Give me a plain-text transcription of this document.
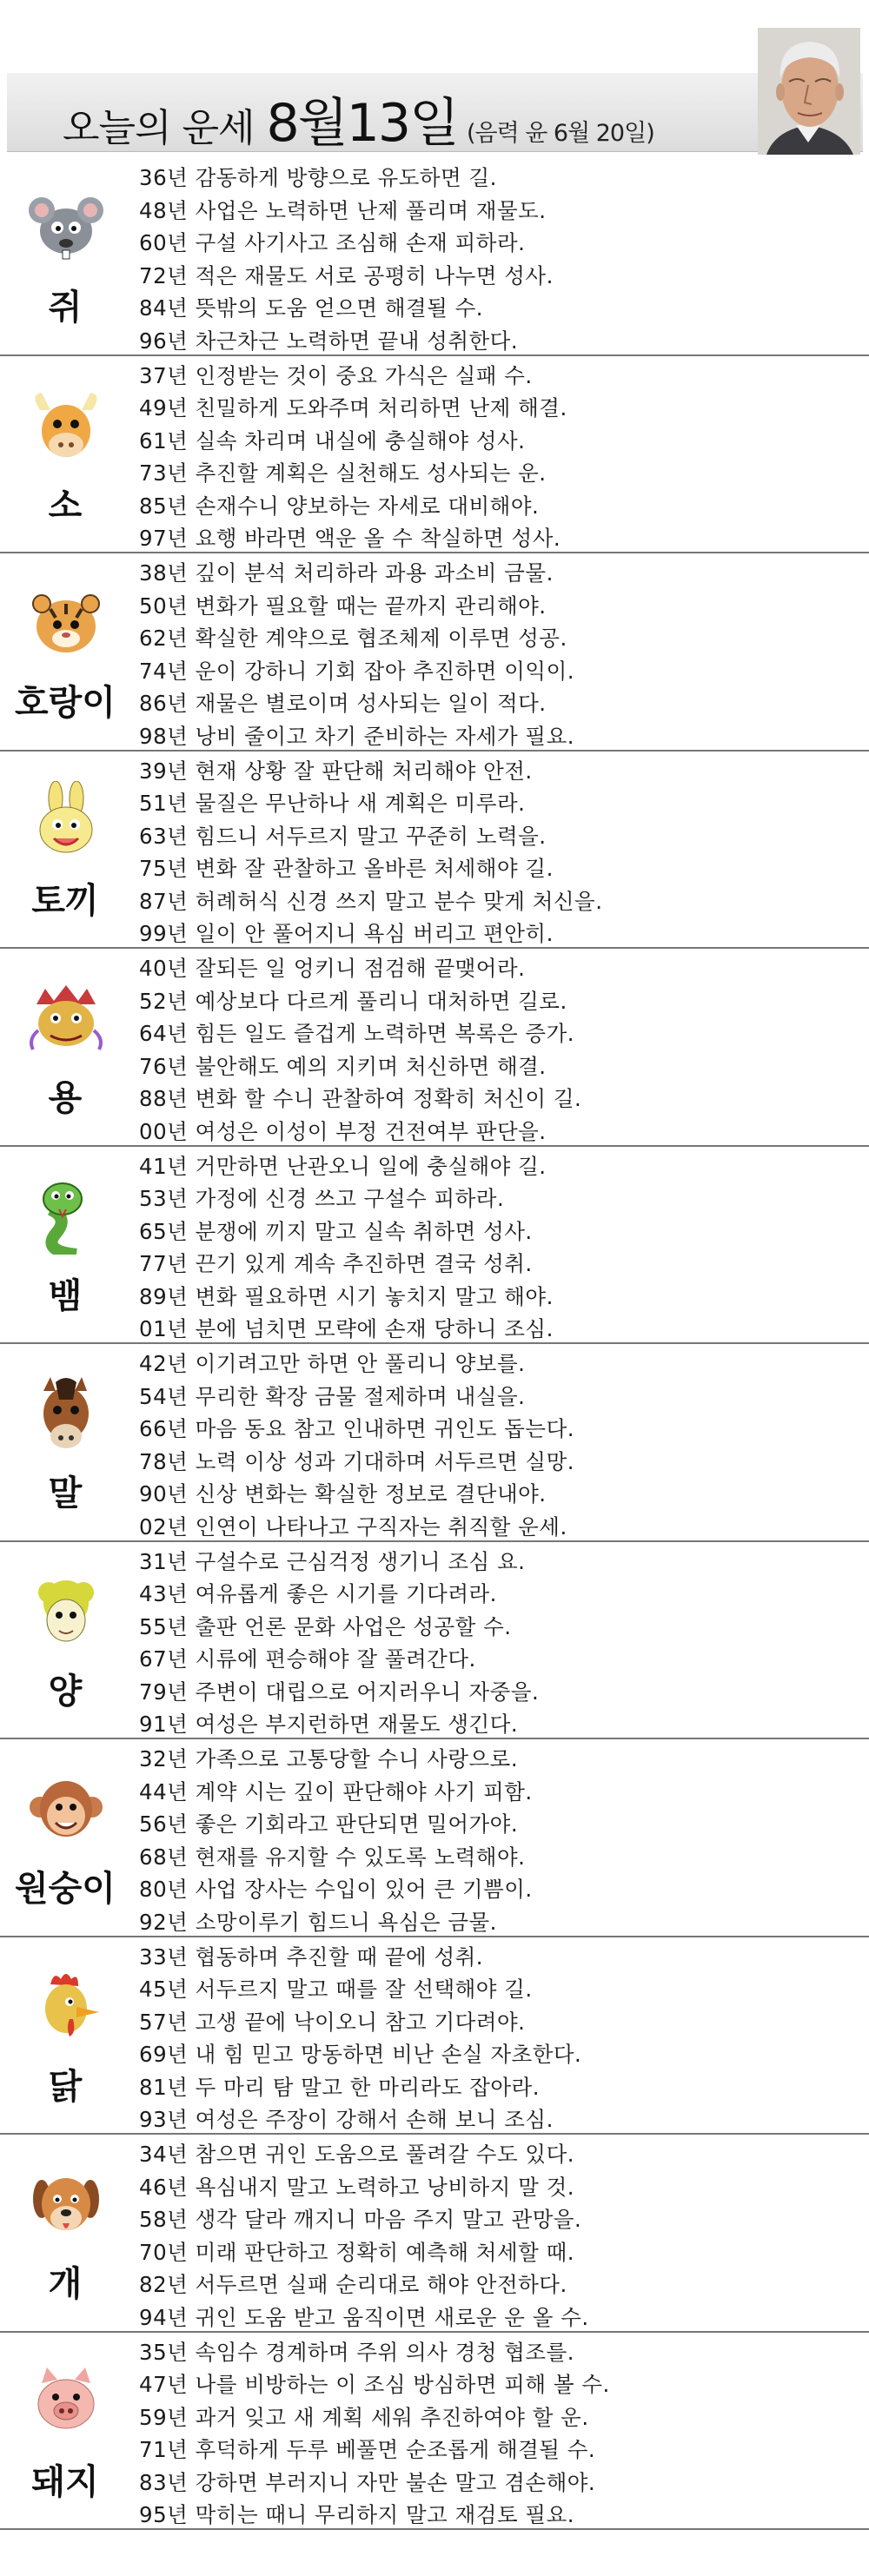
오늘의 운세 8월13일 (음력 윤 6월 20일)
쥐
36년 감동하게 방향으로 유도하면 길.
48년 사업은 노력하면 난제 풀리며 재물도.
60년 구설 사기사고 조심해 손재 피하라.
72년 적은 재물도 서로 공평히 나누면 성사.
84년 뜻밖의 도움 얻으면 해결될 수.
96년 차근차근 노력하면 끝내 성취한다.
소
37년 인정받는 것이 중요 가식은 실패 수.
49년 친밀하게 도와주며 처리하면 난제 해결.
61년 실속 차리며 내실에 충실해야 성사.
73년 추진할 계획은 실천해도 성사되는 운.
85년 손재수니 양보하는 자세로 대비해야.
97년 요행 바라면 액운 올 수 착실하면 성사.
호랑이
38년 깊이 분석 처리하라 과용 과소비 금물.
50년 변화가 필요할 때는 끝까지 관리해야.
62년 확실한 계약으로 협조체제 이루면 성공.
74년 운이 강하니 기회 잡아 추진하면 이익이.
86년 재물은 별로이며 성사되는 일이 적다.
98년 낭비 줄이고 차기 준비하는 자세가 필요.
토끼
39년 현재 상황 잘 판단해 처리해야 안전.
51년 물질은 무난하나 새 계획은 미루라.
63년 힘드니 서두르지 말고 꾸준히 노력을.
75년 변화 잘 관찰하고 올바른 처세해야 길.
87년 허례허식 신경 쓰지 말고 분수 맞게 처신을.
99년 일이 안 풀어지니 욕심 버리고 편안히.
용
40년 잘되든 일 엉키니 점검해 끝맺어라.
52년 예상보다 다르게 풀리니 대처하면 길로.
64년 힘든 일도 즐겁게 노력하면 복록은 증가.
76년 불안해도 예의 지키며 처신하면 해결.
88년 변화 할 수니 관찰하여 정확히 처신이 길.
00년 여성은 이성이 부정 건전여부 판단을.
뱀
41년 거만하면 난관오니 일에 충실해야 길.
53년 가정에 신경 쓰고 구설수 피하라.
65년 분쟁에 끼지 말고 실속 취하면 성사.
77년 끈기 있게 계속 추진하면 결국 성취.
89년 변화 필요하면 시기 놓치지 말고 해야.
01년 분에 넘치면 모략에 손재 당하니 조심.
말
42년 이기려고만 하면 안 풀리니 양보를.
54년 무리한 확장 금물 절제하며 내실을.
66년 마음 동요 참고 인내하면 귀인도 돕는다.
78년 노력 이상 성과 기대하며 서두르면 실망.
90년 신상 변화는 확실한 정보로 결단내야.
02년 인연이 나타나고 구직자는 취직할 운세.
양
31년 구설수로 근심걱정 생기니 조심 요.
43년 여유롭게 좋은 시기를 기다려라.
55년 출판 언론 문화 사업은 성공할 수.
67년 시류에 편승해야 잘 풀려간다.
79년 주변이 대립으로 어지러우니 자중을.
91년 여성은 부지런하면 재물도 생긴다.
원숭이
32년 가족으로 고통당할 수니 사랑으로.
44년 계약 시는 깊이 판단해야 사기 피함.
56년 좋은 기회라고 판단되면 밀어가야.
68년 현재를 유지할 수 있도록 노력해야.
80년 사업 장사는 수입이 있어 큰 기쁨이.
92년 소망이루기 힘드니 욕심은 금물.
닭
33년 협동하며 추진할 때 끝에 성취.
45년 서두르지 말고 때를 잘 선택해야 길.
57년 고생 끝에 낙이오니 참고 기다려야.
69년 내 힘 믿고 망동하면 비난 손실 자초한다.
81년 두 마리 탐 말고 한 마리라도 잡아라.
93년 여성은 주장이 강해서 손해 보니 조심.
개
34년 참으면 귀인 도움으로 풀려갈 수도 있다.
46년 욕심내지 말고 노력하고 낭비하지 말 것.
58년 생각 달라 깨지니 마음 주지 말고 관망을.
70년 미래 판단하고 정확히 예측해 처세할 때.
82년 서두르면 실패 순리대로 해야 안전하다.
94년 귀인 도움 받고 움직이면 새로운 운 올 수.
돼지
35년 속임수 경계하며 주위 의사 경청 협조를.
47년 나를 비방하는 이 조심 방심하면 피해 볼 수.
59년 과거 잊고 새 계획 세워 추진하여야 할 운.
71년 후덕하게 두루 베풀면 순조롭게 해결될 수.
83년 강하면 부러지니 자만 불손 말고 겸손해야.
95년 막히는 때니 무리하지 말고 재검토 필요.
